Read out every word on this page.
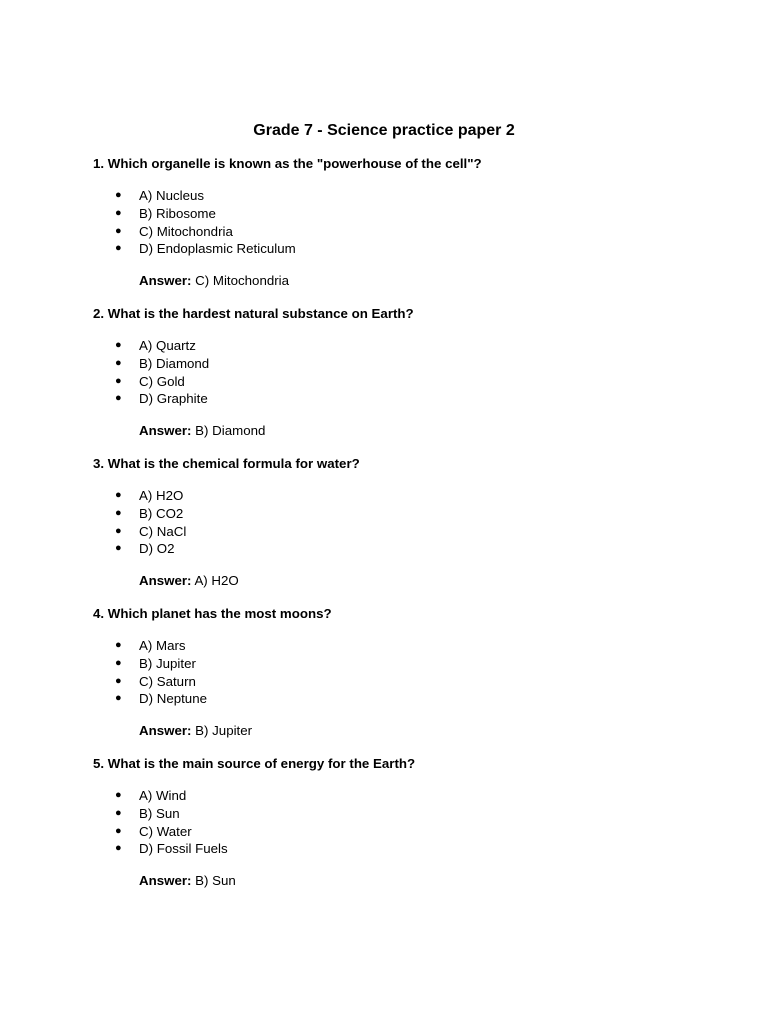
Grade 7 - Science practice paper 2

1. Which organelle is known as the "powerhouse of the cell"?

● A) Nucleus
● B) Ribosome
● C) Mitochondria
● D) Endoplasmic Reticulum

Answer: C) Mitochondria

2. What is the hardest natural substance on Earth?

● A) Quartz
● B) Diamond
● C) Gold
● D) Graphite

Answer: B) Diamond

3. What is the chemical formula for water?

● A) H2O
● B) CO2
● C) NaCl
● D) O2

Answer: A) H2O

4. Which planet has the most moons?

● A) Mars
● B) Jupiter
● C) Saturn
● D) Neptune

Answer: B) Jupiter

5. What is the main source of energy for the Earth?

● A) Wind
● B) Sun
● C) Water
● D) Fossil Fuels

Answer: B) Sun
